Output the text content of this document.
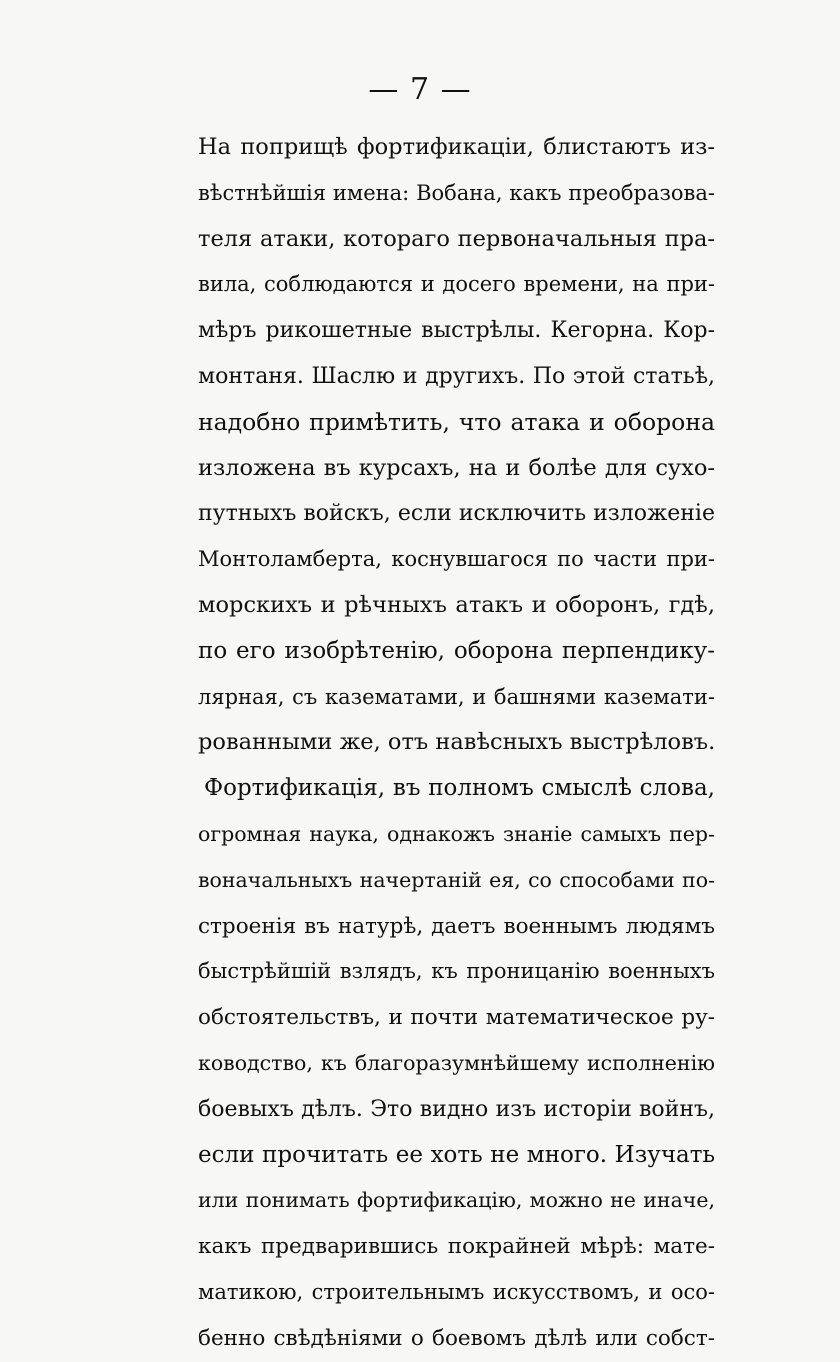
— 7 —
На поприщѣ фортификаціи, блистаютъ из-
вѣстнѣйшія имена: Вобана, какъ преобразова-
теля атаки, котораго первоначальныя пра-
вила, соблюдаются и досего времени, на при-
мѣръ рикошетные выстрѣлы. Кегорна. Кор-
монтаня. Шаслю и другихъ. По этой статьѣ,
надобно примѣтить, что атака и оборона
изложена въ курсахъ, на и болѣе для сухо-
путныхъ войскъ, если исключить изложеніе
Монтоламберта, коснувшагося по части при-
морскихъ и рѣчныхъ атакъ и оборонъ, гдѣ,
по его изобрѣтенію, оборона перпендику-
лярная, съ казематами, и башнями каземати-
рованными же, отъ навѣсныхъ выстрѣловъ.
Фортификація, въ полномъ смыслѣ слова,
огромная наука, однакожъ знаніе самыхъ пер-
воначальныхъ начертаній ея, со способами по-
строенія въ натурѣ, даетъ военнымъ людямъ
быстрѣйшій взлядъ, къ проницанію военныхъ
обстоятельствъ, и почти математическое ру-
ководство, къ благоразумнѣйшему исполненію
боевыхъ дѣлъ. Это видно изъ исторіи войнъ,
если прочитать ее хоть не много. Изучать
или понимать фортификацію, можно не иначе,
какъ предварившись покрайней мѣрѣ: мате-
матикою, строительнымъ искусствомъ, и осо-
бенно свѣдѣніями о боевомъ дѣлѣ или собст-
